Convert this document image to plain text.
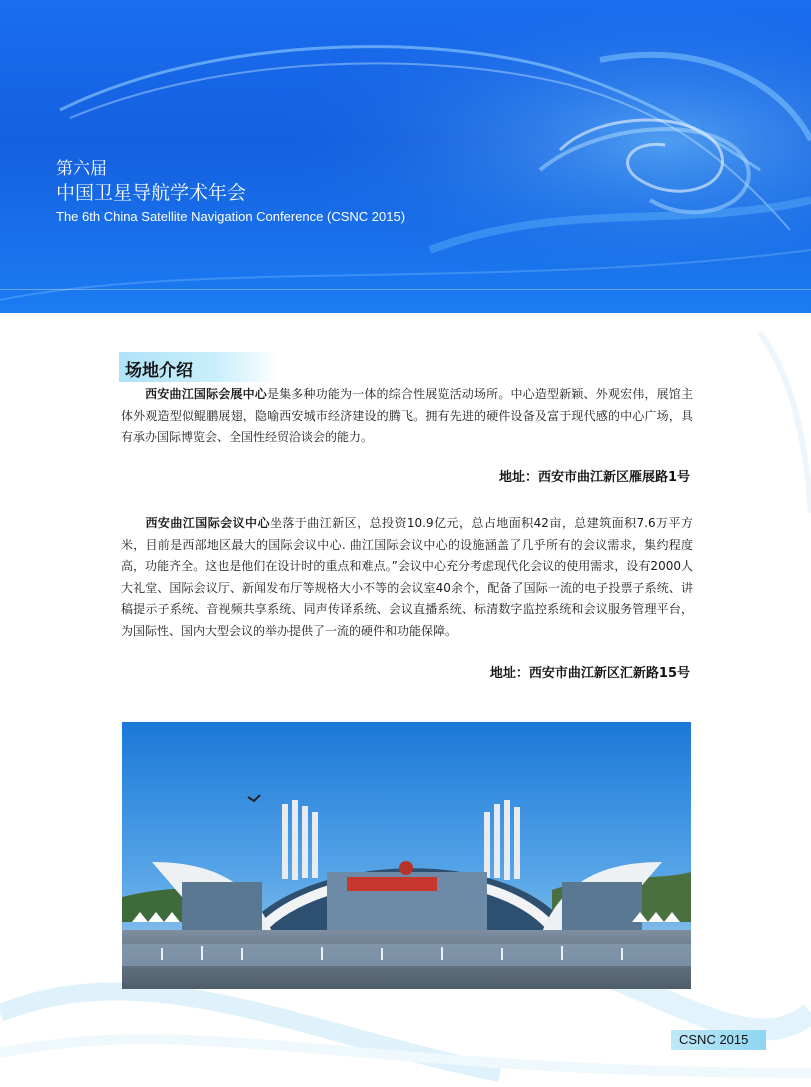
第六届
中国卫星导航学术年会
The 6th China Satellite Navigation Conference (CSNC 2015)
场地介绍
西安曲江国际会展中心是集多种功能为一体的综合性展览活动场所。中心造型新颖、外观宏伟，展馆主体外观造型似鲲鹏展翅，隐喻西安城市经济建设的腾飞。拥有先进的硬件设备及富于现代感的中心广场，具有承办国际博览会、全国性经贸洽谈会的能力。
地址：西安市曲江新区雁展路1号
西安曲江国际会议中心坐落于曲江新区，总投资10.9亿元，总占地面积42亩，总建筑面积7.6万平方米，目前是西部地区最大的国际会议中心. 曲江国际会议中心的设施涵盖了几乎所有的会议需求，集约程度高，功能齐全。这也是他们在设计时的重点和难点。”会议中心充分考虑现代化会议的使用需求，设有2000人大礼堂、国际会议厅、新闻发布厅等规格大小不等的会议室40余个，配备了国际一流的电子投票子系统、讲稿提示子系统、音视频共享系统、同声传译系统、会议直播系统、标清数字监控系统和会议服务管理平台，为国际性、国内大型会议的举办提供了一流的硬件和功能保障。
地址：西安市曲江新区汇新路15号
CSNC 2015
